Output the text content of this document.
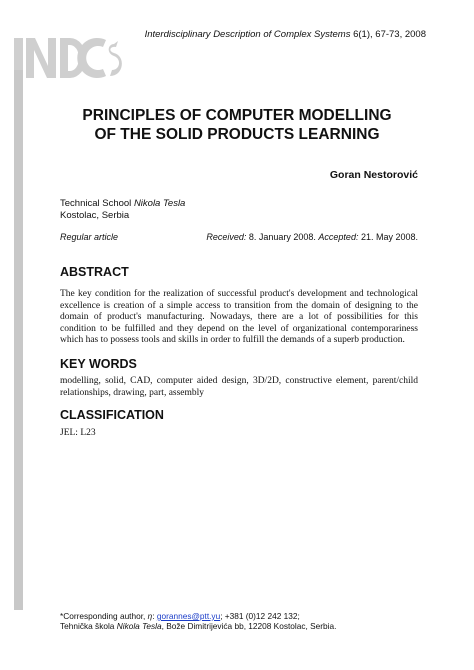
Interdisciplinary Description of Complex Systems 6(1), 67-73, 2008
PRINCIPLES OF COMPUTER MODELLING
OF THE SOLID PRODUCTS LEARNING
Goran Nestorović
Technical School Nikola Tesla
Kostolac, Serbia
Regular article	Received: 8. January 2008. Accepted: 21. May 2008.
ABSTRACT
The key condition for the realization of successful product's development and technological excellence is creation of a simple access to transition from the domain of designing to the domain of product's manufacturing. Nowadays, there are a lot of possibilities for this condition to be fulfilled and they depend on the level of organizational contemporariness which has to possess tools and skills in order to fulfill the demands of a superb production.
KEY WORDS
modelling, solid, CAD, computer aided design, 3D/2D, constructive element, parent/child relationships, drawing, part, assembly
CLASSIFICATION
JEL: L23
*Corresponding author, η: gorannes@ptt.yu; +381 (0)12 242 132;
Tehnička škola Nikola Tesla, Bože Dimitrijevića bb, 12208 Kostolac, Serbia.
